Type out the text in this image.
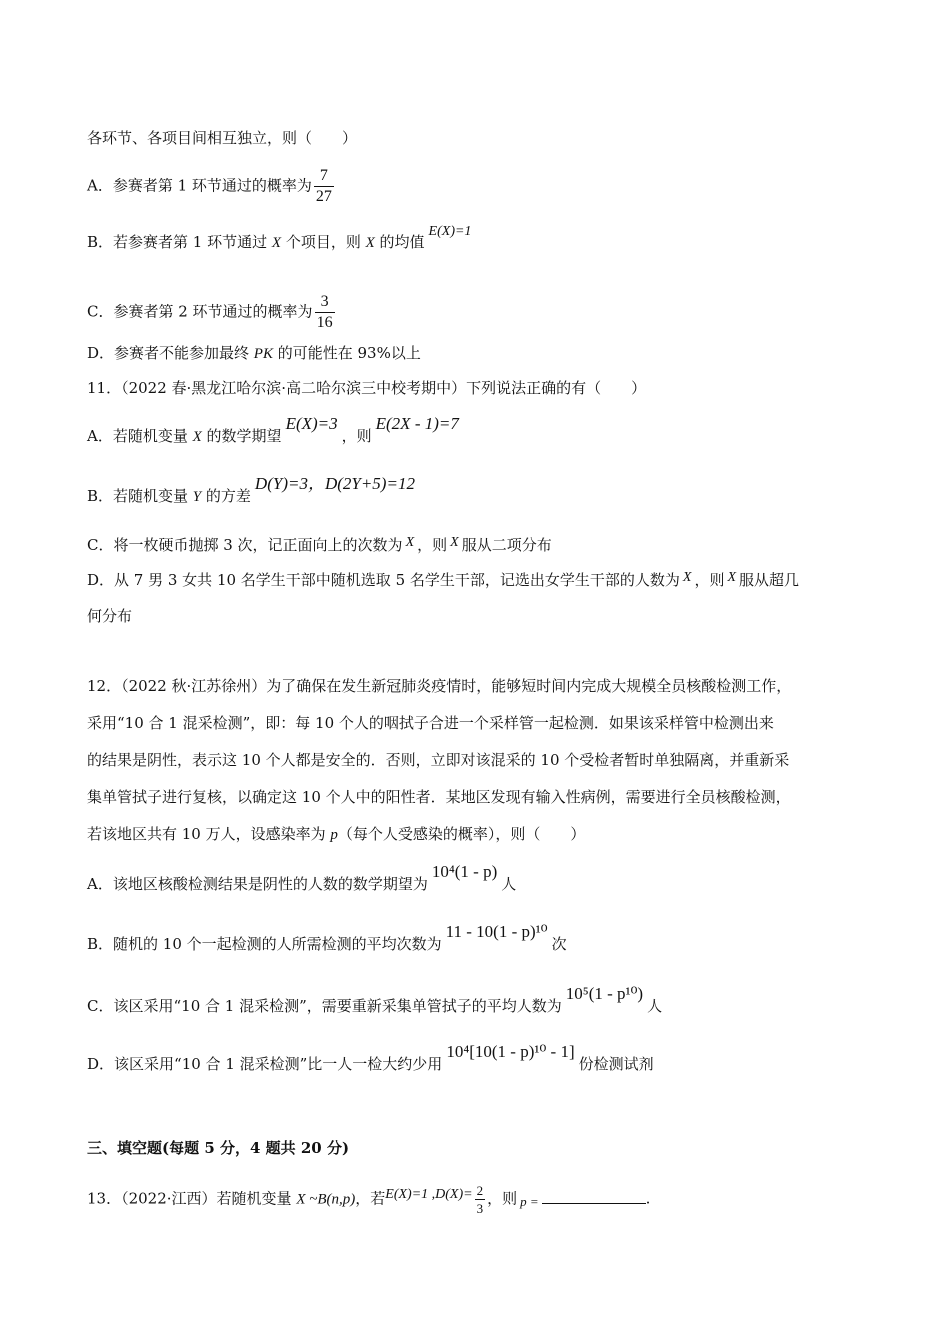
各环节、各项目间相互独立，则（　　）
A．参赛者第 1 环节通过的概率为 $\frac{7}{27}$
B．若参赛者第 1 环节通过 X 个项目，则 X 的均值E(X)=1
C．参赛者第 2 环节通过的概率为 $\frac{3}{16}$
D．参赛者不能参加最终 PK 的可能性在 93%以上
11．（2022 春·黑龙江哈尔滨·高二哈尔滨三中校考期中）下列说法正确的有（　　）
A．若随机变量 X 的数学期望E(X)=3，则E(2X - 1)=7
B．若随机变量 Y 的方差D(Y)=3，D(2Y+5)=12
C．将一枚硬币抛掷 3 次，记正面向上的次数为 X ，则 X 服从二项分布
D．从 7 男 3 女共 10 名学生干部中随机选取 5 名学生干部，记选出女学生干部的人数为 X ，则 X 服从超几
何分布
12．（2022 秋·江苏徐州）为了确保在发生新冠肺炎疫情时，能够短时间内完成大规模全员核酸检测工作，
采用“10 合 1 混采检测”，即：每 10 个人的咽拭子合进一个采样管一起检测．如果该采样管中检测出来
的结果是阴性，表示这 10 个人都是安全的．否则，立即对该混采的 10 个受检者暂时单独隔离，并重新采
集单管拭子进行复核，以确定这 10 个人中的阳性者．某地区发现有输入性病例，需要进行全员核酸检测，
若该地区共有 10 万人，设感染率为 p（每个人受感染的概率），则（　　）
A．该地区核酸检测结果是阴性的人数的数学期望为10⁴(1 - p)人
B．随机的 10 个一起检测的人所需检测的平均次数为11 - 10(1 - p)¹⁰次
C．该区采用“10 合 1 混采检测”，需要重新采集单管拭子的平均人数为10⁵(1 - p¹⁰)人
D．该区采用“10 合 1 混采检测”比一人一检大约少用10⁴[10(1 - p)¹⁰ - 1]份检测试剂
三、填空题(每题 5 分，4 题共 20 分)
13．（2022·江西）若随机变量 X ~B(n,p)，若E(X)=1 $,D(X)= \frac{2}{3}$ ，则 p =	.
